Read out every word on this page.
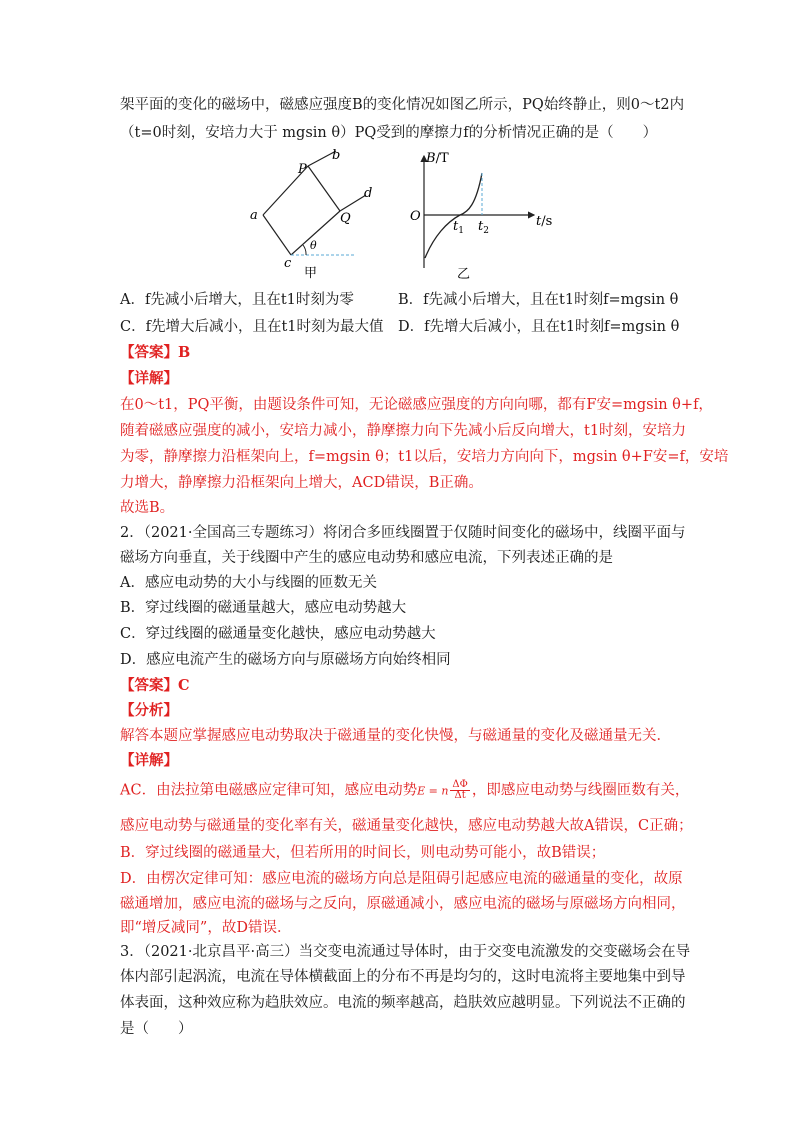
架平面的变化的磁场中，磁感应强度B的变化情况如图乙所示，PQ始终静止，则0～t2内
（t=0时刻，安培力大于 mgsin θ）PQ受到的摩擦力f的分析情况正确的是（　　）
P
b
a	Q
d
c
θ
甲
B/T
t/s
O
$t_1$ $t_2$
乙
A．f先减小后增大，且在t1时刻为零	B．f先减小后增大，且在t1时刻f=mgsin θ
C．f先增大后减小，且在t1时刻为最大值 D．f先增大后减小，且在t1时刻f=mgsin θ
【答案】B
【详解】
在0～t1，PQ平衡，由题设条件可知，无论磁感应强度的方向向哪，都有F安=mgsin θ+f，
随着磁感应强度的减小，安培力减小，静摩擦力向下先减小后反向增大，t1时刻，安培力
为零，静摩擦力沿框架向上，f=mgsin θ；t1以后，安培力方向向下，mgsin θ+F安=f，安培
力增大，静摩擦力沿框架向上增大，ACD错误，B正确。
故选B。
2．（2021·全国高三专题练习）将闭合多匝线圈置于仅随时间变化的磁场中，线圈平面与
磁场方向垂直，关于线圈中产生的感应电动势和感应电流，下列表述正确的是
A．感应电动势的大小与线圈的匝数无关
B．穿过线圈的磁通量越大，感应电动势越大
C．穿过线圈的磁通量变化越快，感应电动势越大
D．感应电流产生的磁场方向与原磁场方向始终相同
【答案】C
【分析】
解答本题应掌握感应电动势取决于磁通量的变化快慢，与磁通量的变化及磁通量无关．
【详解】
AC．由法拉第电磁感应定律可知，感应电动势E = n $\frac{\Delta\Phi}{\Delta t}$ ，即感应电动势与线圈匝数有关，
感应电动势与磁通量的变化率有关，磁通量变化越快，感应电动势越大故A错误，C正确；
B．穿过线圈的磁通量大，但若所用的时间长，则电动势可能小，故B错误；
D．由楞次定律可知：感应电流的磁场方向总是阻碍引起感应电流的磁通量的变化，故原
磁通增加，感应电流的磁场与之反向，原磁通减小，感应电流的磁场与原磁场方向相同，
即“增反减同”，故D错误．
3．（2021·北京昌平·高三）当交变电流通过导体时，由于交变电流激发的交变磁场会在导
体内部引起涡流，电流在导体横截面上的分布不再是均匀的，这时电流将主要地集中到导
体表面，这种效应称为趋肤效应。电流的频率越高，趋肤效应越明显。下列说法不正确的
是（　　）
